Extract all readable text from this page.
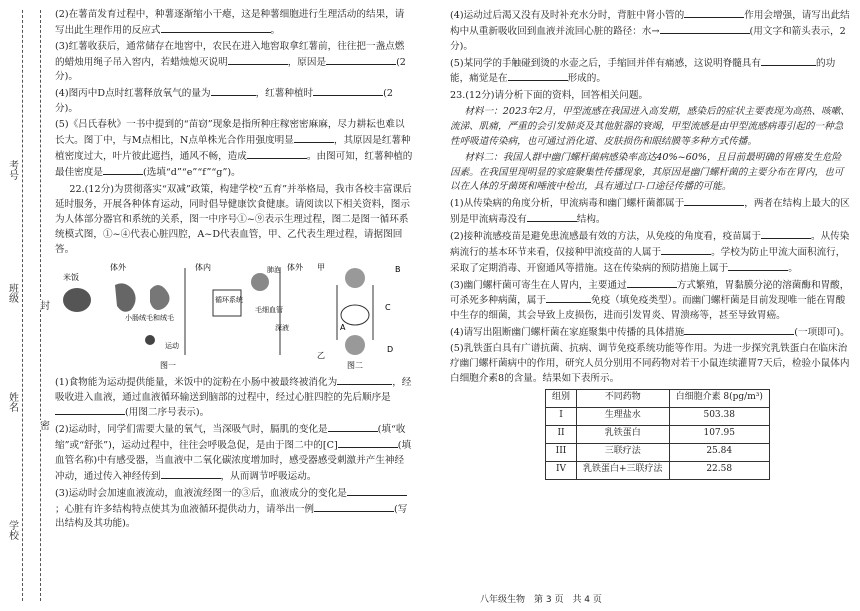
考号
班级
姓名
学校
封
密

(2)在薯苗发育过程中，种薯逐渐缩小干瘪，这是种薯细胞进行生理活动的结果，请写出此生理作用的反应式	。

(3)红薯收获后，通常储存在地窖中，农民在进入地窖取拿红薯前，往往把一盏点燃的蜡烛用绳子吊入窖内，若蜡烛熄灭说明	，原因是	(2分)。

(4)图丙中D点时红薯释放氧气的量为	，红薯种植时	(2分)。

(5)《吕氏春秋》一书中提到的“苗窃”现象是指所种庄稼密密麻麻，尽力耕耘也难以长大。图丁中，与M点相比，N点单株光合作用强度明显	，其原因是红薯种植密度过大，叶片彼此遮挡，通风不畅，造成	。由图可知，红薯种植的最佳密度是	(选填“d”“e”“f”“g”)。

22.(12分)为贯彻落实“双减”政策，构建学校“五育”并举格局，我市各校丰富课后延时服务，开展各种体育运动，同时倡导健康饮食健康。请阅读以下相关资料，图示为人体部分器官和系统的关系，图一中序号①~⑨表示生理过程，图二是图一循环系统模式图，①~④代表心脏四腔，A~D代表血管，甲、乙代表生理过程，请据图回答。

米饭
体外
小肠绒毛和绒毛
体内
循环系统
肺泡
毛细血管
深液
体外
运动
图一
甲
乙
B
A
C
D
图二

(1)食物能为运动提供能量，米饭中的淀粉在小肠中被最终被消化为	，经吸收进入血液，通过血液循环输送到脑部的过程中，经过心脏四腔的先后顺序是(用图二序号表示)。

(2)运动时，同学们需要大量的氧气，当深吸气时，膈肌的变化是	(填“收缩”或“舒张”)，运动过程中，往往会呼吸急促，是由于图二中的[C]	(填血管名称)中有感受器，当血液中二氧化碳浓度增加时，感受器感受刺激并产生神经冲动，通过传入神经传到	，从而调节呼吸运动。

(3)运动时会加速血液流动，血液流经图一的③后，血液成分的变化是；心脏有许多结构特点使其为血液循环提供动力，请举出一例	(写出结构及其功能)。

(4)运动过后渴又没有及时补充水分时，背脏中肾小管的	作用会增强，请写出此结构中从重新吸收回到血液并流回心脏的路径：水→	(用文字和箭头表示，2分)。

(5)某同学的手触碰到烫的水壶之后，手缩回并伴有痛感，这说明脊髓具有	的功能，痛觉是在	形成的。

23.(12分)请分析下面的资料，回答相关问题。

材料一：2023年2月，甲型流感在我国进入高发期，感染后的症状主要表现为高热、咳嗽、流涕、肌痛，严重的会引发肺炎及其他脏器的衰竭，甲型流感是由甲型流感病毒引起的一种急性呼吸道传染病，也可通过消化道、皮肤损伤和眼结膜等多种方式传播。

材料二：我国人群中幽门螺杆菌病感染率高达40%~60%，且目前最明确的胃癌发生危险因素。在我国里现明显的家庭聚集性传播现象，其原因是幽门螺杆菌的主要分布在胃内，也可以在人体的牙菌斑和唾液中检出，具有通过口-口途径传播的可能。

(1)从传染病的角度分析，甲流病毒和幽门螺杆菌都属于	，两者在结构上最大的区别是甲流病毒没有	结构。

(2)接种流感疫苗是避免患流感最有效的方法，从免疫的角度看，疫苗属于	。从传染病流行的基本环节来看，仅接种甲流疫苗的人属于	。学校为防止甲流大面积流行，采取了定期消毒、开窗通风等措施。这在传染病的预防措施上属于	。

(3)幽门螺杆菌可寄生在人胃内，主要通过	方式繁殖，胃黏膜分泌的溶菌酶和胃酸，可杀死多种病菌，属于	免疫（填免疫类型）。而幽门螺杆菌是目前发现唯一能在胃酸中生存的细菌，其会导致上皮损伤，进而引发胃炎、胃溃疡等，甚至导致胃癌。

(4)请写出阻断幽门螺杆菌在家庭聚集中传播的具体措施	(一项即可)。

(5)乳铁蛋白具有广谱抗菌、抗病、调节免疫系统功能等作用。为进一步探究乳铁蛋白在临床治疗幽门螺杆菌病中的作用，研究人员分别用不同药物对若干小鼠连续灌胃7天后，检验小鼠体内白细胞介素8的含量。结果如下表所示。

组别	不同药物	白细胞介素 8(pg/m³)
I	生理盐水	503.38
II	乳铁蛋白	107.95
III	三联疗法	25.84
IV	乳铁蛋白+三联疗法	22.58
八年级生物　第 3 页　共 4 页
